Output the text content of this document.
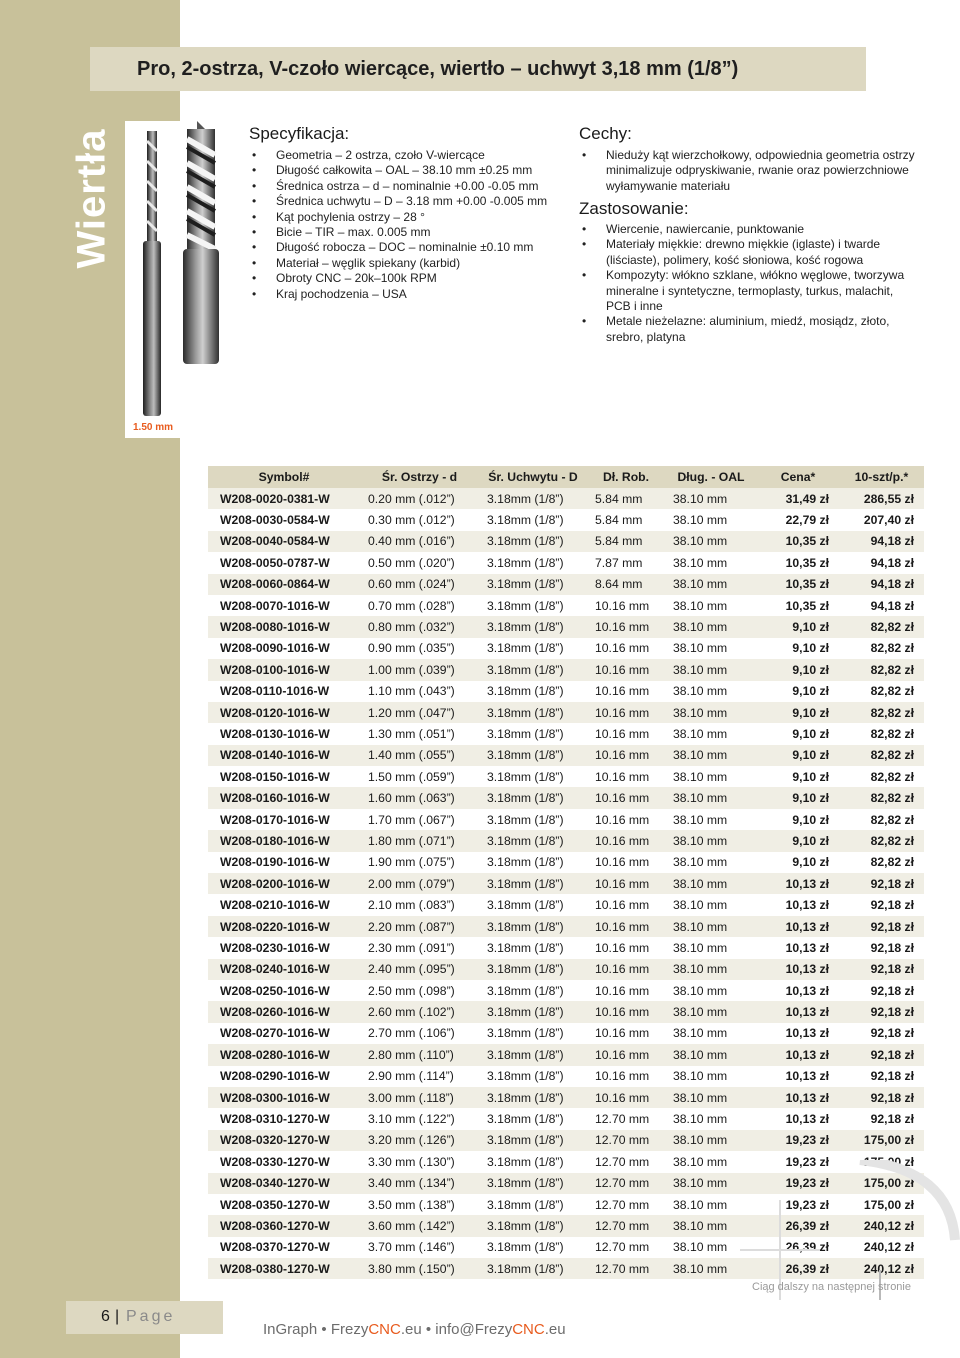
Wiertła
Pro, 2-ostrza, V-czoło wiercące, wiertło – uchwyt 3,18 mm (1/8”)
1.50 mm
Specyfikacja:
• Geometria – 2 ostrza, czoło V-wiercące
• Długość całkowita – OAL – 38.10 mm ±0.25 mm
• Średnica ostrza – d – nominalnie +0.00 -0.05 mm
• Średnica uchwytu – D – 3.18 mm +0.00 -0.005 mm
• Kąt pochylenia ostrzy – 28 °
• Bicie – TIR – max. 0.005 mm
• Długość robocza – DOC – nominalnie ±0.10 mm
• Materiał – węglik spiekany (karbid)
• Obroty CNC – 20k–100k RPM
• Kraj pochodzenia – USA
Cechy:
• Nieduży kąt wierzchołkowy, odpowiednia geometria ostrzy minimalizuje odpryskiwanie, rwanie oraz powierzchniowe wyłamywanie materiału
Zastosowanie:
• Wiercenie, nawiercanie, punktowanie
• Materiały miękkie: drewno miękkie (iglaste) i twarde (liściaste), polimery, kość słoniowa, kość rogowa
• Kompozyty: włókno szklane, włókno węglowe, tworzywa mineralne i syntetyczne, termoplasty, turkus, malachit, PCB i inne
• Metale nieżelazne: aluminium, miedź, mosiądz, złoto, srebro, platyna
Symbol#	Śr. Ostrzy - d	Śr. Uchwytu - D	Dł. Rob.	Dług. - OAL	Cena*	10-szt/p.*
W208-0020-0381-W	0.20 mm (.012”)	3.18mm (1/8”)	5.84 mm	38.10 mm	31,49 zł	286,55 zł
W208-0030-0584-W	0.30 mm (.012”)	3.18mm (1/8”)	5.84 mm	38.10 mm	22,79 zł	207,40 zł
W208-0040-0584-W	0.40 mm (.016”)	3.18mm (1/8”)	5.84 mm	38.10 mm	10,35 zł	94,18 zł
W208-0050-0787-W	0.50 mm (.020”)	3.18mm (1/8”)	7.87 mm	38.10 mm	10,35 zł	94,18 zł
W208-0060-0864-W	0.60 mm (.024”)	3.18mm (1/8”)	8.64 mm	38.10 mm	10,35 zł	94,18 zł
W208-0070-1016-W	0.70 mm (.028”)	3.18mm (1/8”)	10.16 mm	38.10 mm	10,35 zł	94,18 zł
W208-0080-1016-W	0.80 mm (.032”)	3.18mm (1/8”)	10.16 mm	38.10 mm	9,10 zł	82,82 zł
W208-0090-1016-W	0.90 mm (.035”)	3.18mm (1/8”)	10.16 mm	38.10 mm	9,10 zł	82,82 zł
W208-0100-1016-W	1.00 mm (.039”)	3.18mm (1/8”)	10.16 mm	38.10 mm	9,10 zł	82,82 zł
W208-0110-1016-W	1.10 mm (.043”)	3.18mm (1/8”)	10.16 mm	38.10 mm	9,10 zł	82,82 zł
W208-0120-1016-W	1.20 mm (.047”)	3.18mm (1/8”)	10.16 mm	38.10 mm	9,10 zł	82,82 zł
W208-0130-1016-W	1.30 mm (.051”)	3.18mm (1/8”)	10.16 mm	38.10 mm	9,10 zł	82,82 zł
W208-0140-1016-W	1.40 mm (.055”)	3.18mm (1/8”)	10.16 mm	38.10 mm	9,10 zł	82,82 zł
W208-0150-1016-W	1.50 mm (.059”)	3.18mm (1/8”)	10.16 mm	38.10 mm	9,10 zł	82,82 zł
W208-0160-1016-W	1.60 mm (.063”)	3.18mm (1/8”)	10.16 mm	38.10 mm	9,10 zł	82,82 zł
W208-0170-1016-W	1.70 mm (.067”)	3.18mm (1/8”)	10.16 mm	38.10 mm	9,10 zł	82,82 zł
W208-0180-1016-W	1.80 mm (.071”)	3.18mm (1/8”)	10.16 mm	38.10 mm	9,10 zł	82,82 zł
W208-0190-1016-W	1.90 mm (.075”)	3.18mm (1/8”)	10.16 mm	38.10 mm	9,10 zł	82,82 zł
W208-0200-1016-W	2.00 mm (.079”)	3.18mm (1/8”)	10.16 mm	38.10 mm	10,13 zł	92,18 zł
W208-0210-1016-W	2.10 mm (.083”)	3.18mm (1/8”)	10.16 mm	38.10 mm	10,13 zł	92,18 zł
W208-0220-1016-W	2.20 mm (.087”)	3.18mm (1/8”)	10.16 mm	38.10 mm	10,13 zł	92,18 zł
W208-0230-1016-W	2.30 mm (.091”)	3.18mm (1/8”)	10.16 mm	38.10 mm	10,13 zł	92,18 zł
W208-0240-1016-W	2.40 mm (.095”)	3.18mm (1/8”)	10.16 mm	38.10 mm	10,13 zł	92,18 zł
W208-0250-1016-W	2.50 mm (.098”)	3.18mm (1/8”)	10.16 mm	38.10 mm	10,13 zł	92,18 zł
W208-0260-1016-W	2.60 mm (.102”)	3.18mm (1/8”)	10.16 mm	38.10 mm	10,13 zł	92,18 zł
W208-0270-1016-W	2.70 mm (.106”)	3.18mm (1/8”)	10.16 mm	38.10 mm	10,13 zł	92,18 zł
W208-0280-1016-W	2.80 mm (.110”)	3.18mm (1/8”)	10.16 mm	38.10 mm	10,13 zł	92,18 zł
W208-0290-1016-W	2.90 mm (.114”)	3.18mm (1/8”)	10.16 mm	38.10 mm	10,13 zł	92,18 zł
W208-0300-1016-W	3.00 mm (.118”)	3.18mm (1/8”)	10.16 mm	38.10 mm	10,13 zł	92,18 zł
W208-0310-1270-W	3.10 mm (.122”)	3.18mm (1/8”)	12.70 mm	38.10 mm	10,13 zł	92,18 zł
W208-0320-1270-W	3.20 mm (.126”)	3.18mm (1/8”)	12.70 mm	38.10 mm	19,23 zł	175,00 zł
W208-0330-1270-W	3.30 mm (.130”)	3.18mm (1/8”)	12.70 mm	38.10 mm	19,23 zł	175,00 zł
W208-0340-1270-W	3.40 mm (.134”)	3.18mm (1/8”)	12.70 mm	38.10 mm	19,23 zł	175,00 zł
W208-0350-1270-W	3.50 mm (.138”)	3.18mm (1/8”)	12.70 mm	38.10 mm	19,23 zł	175,00 zł
W208-0360-1270-W	3.60 mm (.142”)	3.18mm (1/8”)	12.70 mm	38.10 mm	26,39 zł	240,12 zł
W208-0370-1270-W	3.70 mm (.146”)	3.18mm (1/8”)	12.70 mm	38.10 mm	26,39 zł	240,12 zł
W208-0380-1270-W	3.80 mm (.150”)	3.18mm (1/8”)	12.70 mm	38.10 mm	26,39 zł	240,12 zł
Ciąg dalszy na następnej stronie
6 | Page
InGraph • FrezyCNC.eu • info@FrezyCNC.eu
